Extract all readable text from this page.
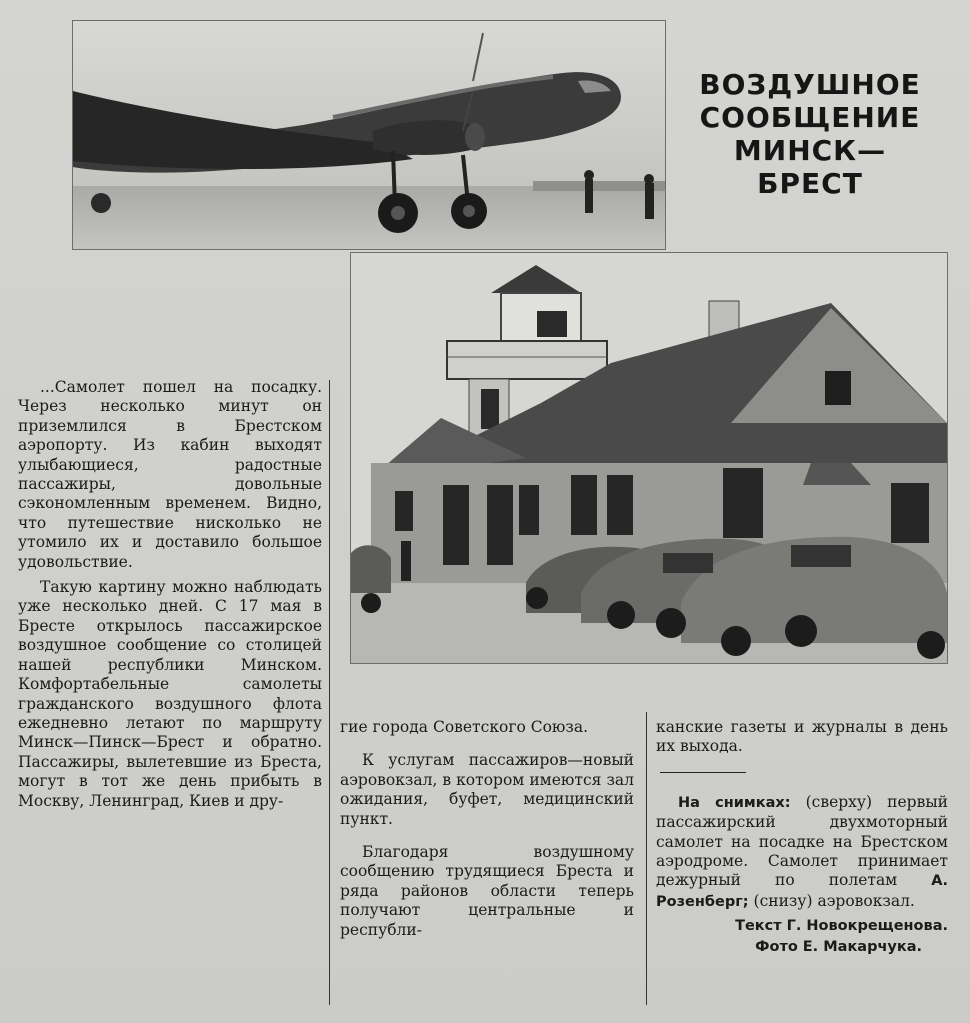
ВОЗДУШНОЕ
СООБЩЕНИЕ
МИНСК—
БРЕСТ

...Самолет пошел на посадку. Через несколько минут он приземлился в Брестском аэропорту. Из кабин выходят улыбающиеся, радостные пассажиры, довольные сэкономленным временем. Видно, что путешествие нисколько не утомило их и доставило большое удовольствие.

Такую картину можно наблюдать уже несколько дней. С 17 мая в Бресте открылось пассажирское воздушное сообщение со столицей нашей республики Минском. Комфортабельные самолеты гражданского воздушного флота ежедневно летают по маршруту Минск—Пинск—Брест и обратно. Пассажиры, вылетевшие из Бреста, могут в тот же день прибыть в Москву, Ленинград, Киев и дру-

гие города Советского Союза.

К услугам пассажиров—новый аэровокзал, в котором имеются зал ожидания, буфет, медицинский пункт.

Благодаря воздушному сообщению трудящиеся Бреста и ряда районов области теперь получают центральные и республи-

канские газеты и журналы в день их выхода.

На снимках: (сверху) первый пассажирский двухмоторный самолет на посадке на Брестском аэродроме. Самолет принимает дежурный по полетам А. Розенберг; (снизу) аэровокзал.

Текст Г. Новокрещенова.

Фото Е. Макарчука.
